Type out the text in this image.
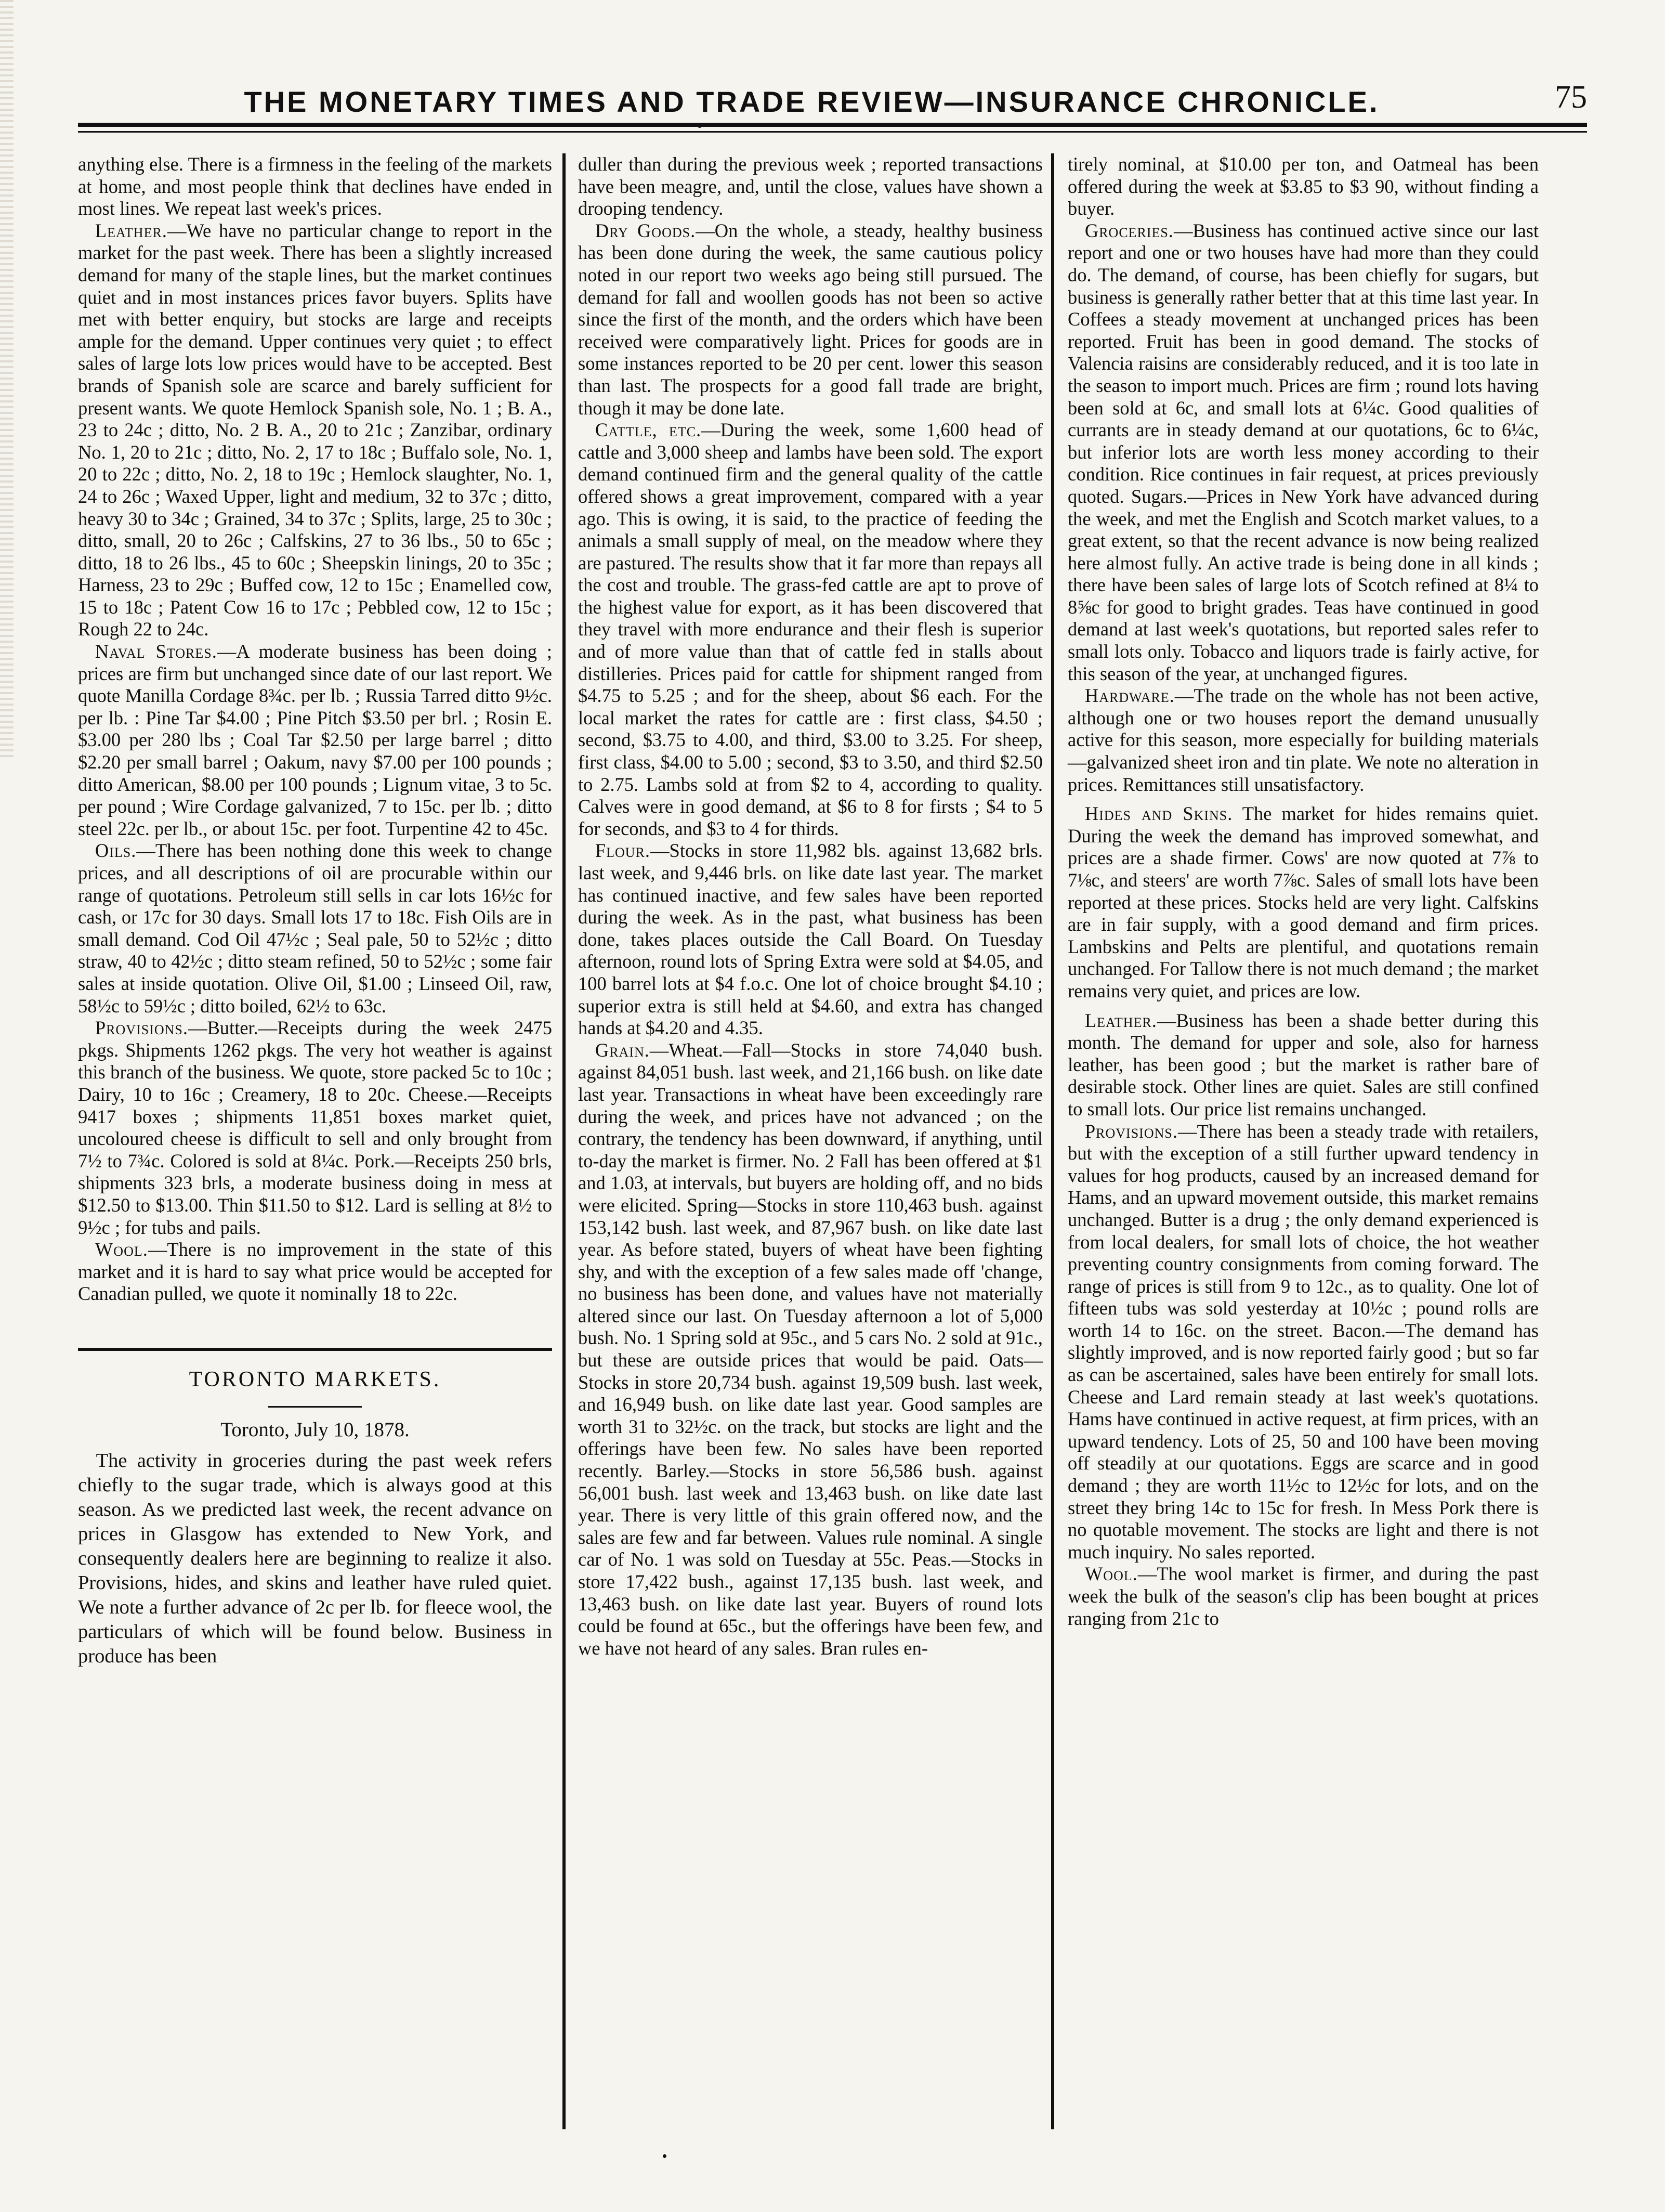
THE MONETARY TIMES AND TRADE REVIEW—INSURANCE CHRONICLE.	75

anything else. There is a firmness in the feeling of the markets at home, and most people think that declines have ended in most lines. We repeat last week's prices.

Leather.—We have no particular change to report in the market for the past week. There has been a slightly increased demand for many of the staple lines, but the market continues quiet and in most instances prices favor buyers. Splits have met with better enquiry, but stocks are large and receipts ample for the demand. Upper continues very quiet ; to effect sales of large lots low prices would have to be accepted. Best brands of Spanish sole are scarce and barely sufficient for present wants. We quote Hemlock Spanish sole, No. 1 ; B. A., 23 to 24c ; ditto, No. 2 B. A., 20 to 21c ; Zanzibar, ordinary No. 1, 20 to 21c ; ditto, No. 2, 17 to 18c ; Buffalo sole, No. 1, 20 to 22c ; ditto, No. 2, 18 to 19c ; Hemlock slaughter, No. 1, 24 to 26c ; Waxed Upper, light and medium, 32 to 37c ; ditto, heavy 30 to 34c ; Grained, 34 to 37c ; Splits, large, 25 to 30c ; ditto, small, 20 to 26c ; Calfskins, 27 to 36 lbs., 50 to 65c ; ditto, 18 to 26 lbs., 45 to 60c ; Sheepskin linings, 20 to 35c ; Harness, 23 to 29c ; Buffed cow, 12 to 15c ; Enamelled cow, 15 to 18c ; Patent Cow 16 to 17c ; Pebbled cow, 12 to 15c ; Rough 22 to 24c.

Naval Stores.—A moderate business has been doing ; prices are firm but unchanged since date of our last report. We quote Manilla Cordage 8¾c. per lb. ; Russia Tarred ditto 9½c. per lb. : Pine Tar $4.00 ; Pine Pitch $3.50 per brl. ; Rosin E. $3.00 per 280 lbs ; Coal Tar $2.50 per large barrel ; ditto $2.20 per small barrel ; Oakum, navy $7.00 per 100 pounds ; ditto American, $8.00 per 100 pounds ; Lignum vitae, 3 to 5c. per pound ; Wire Cordage galvanized, 7 to 15c. per lb. ; ditto steel 22c. per lb., or about 15c. per foot. Turpentine 42 to 45c.

Oils.—There has been nothing done this week to change prices, and all descriptions of oil are procurable within our range of quotations. Petroleum still sells in car lots 16½c for cash, or 17c for 30 days. Small lots 17 to 18c. Fish Oils are in small demand. Cod Oil 47½c ; Seal pale, 50 to 52½c ; ditto straw, 40 to 42½c ; ditto steam refined, 50 to 52½c ; some fair sales at inside quotation. Olive Oil, $1.00 ; Linseed Oil, raw, 58½c to 59½c ; ditto boiled, 62½ to 63c.

Provisions.—Butter.—Receipts during the week 2475 pkgs. Shipments 1262 pkgs. The very hot weather is against this branch of the business. We quote, store packed 5c to 10c ; Dairy, 10 to 16c ; Creamery, 18 to 20c. Cheese.—Receipts 9417 boxes ; shipments 11,851 boxes market quiet, uncoloured cheese is difficult to sell and only brought from 7½ to 7¾c. Colored is sold at 8¼c. Pork.—Receipts 250 brls, shipments 323 brls, a moderate business doing in mess at $12.50 to $13.00. Thin $11.50 to $12. Lard is selling at 8½ to 9½c ; for tubs and pails.

Wool.—There is no improvement in the state of this market and it is hard to say what price would be accepted for Canadian pulled, we quote it nominally 18 to 22c.

TORONTO MARKETS.
Toronto, July 10, 1878.

The activity in groceries during the past week refers chiefly to the sugar trade, which is always good at this season. As we predicted last week, the recent advance on prices in Glasgow has extended to New York, and consequently dealers here are beginning to realize it also. Provisions, hides, and skins and leather have ruled quiet. We note a further advance of 2c per lb. for fleece wool, the particulars of which will be found below. Business in produce has been

duller than during the previous week ; reported transactions have been meagre, and, until the close, values have shown a drooping tendency.

Dry Goods.—On the whole, a steady, healthy business has been done during the week, the same cautious policy noted in our report two weeks ago being still pursued. The demand for fall and woollen goods has not been so active since the first of the month, and the orders which have been received were comparatively light. Prices for goods are in some instances reported to be 20 per cent. lower this season than last. The prospects for a good fall trade are bright, though it may be done late.

Cattle, etc.—During the week, some 1,600 head of cattle and 3,000 sheep and lambs have been sold. The export demand continued firm and the general quality of the cattle offered shows a great improvement, compared with a year ago. This is owing, it is said, to the practice of feeding the animals a small supply of meal, on the meadow where they are pastured. The results show that it far more than repays all the cost and trouble. The grass-fed cattle are apt to prove of the highest value for export, as it has been discovered that they travel with more endurance and their flesh is superior and of more value than that of cattle fed in stalls about distilleries. Prices paid for cattle for shipment ranged from $4.75 to 5.25 ; and for the sheep, about $6 each. For the local market the rates for cattle are : first class, $4.50 ; second, $3.75 to 4.00, and third, $3.00 to 3.25. For sheep, first class, $4.00 to 5.00 ; second, $3 to 3.50, and third $2.50 to 2.75. Lambs sold at from $2 to 4, according to quality. Calves were in good demand, at $6 to 8 for firsts ; $4 to 5 for seconds, and $3 to 4 for thirds.

Flour.—Stocks in store 11,982 bls. against 13,682 brls. last week, and 9,446 brls. on like date last year. The market has continued inactive, and few sales have been reported during the week. As in the past, what business has been done, takes places outside the Call Board. On Tuesday afternoon, round lots of Spring Extra were sold at $4.05, and 100 barrel lots at $4 f.o.c. One lot of choice brought $4.10 ; superior extra is still held at $4.60, and extra has changed hands at $4.20 and 4.35.

Grain.—Wheat.—Fall—Stocks in store 74,040 bush. against 84,051 bush. last week, and 21,166 bush. on like date last year. Transactions in wheat have been exceedingly rare during the week, and prices have not advanced ; on the contrary, the tendency has been downward, if anything, until to-day the market is firmer. No. 2 Fall has been offered at $1 and 1.03, at intervals, but buyers are holding off, and no bids were elicited. Spring—Stocks in store 110,463 bush. against 153,142 bush. last week, and 87,967 bush. on like date last year. As before stated, buyers of wheat have been fighting shy, and with the exception of a few sales made off 'change, no business has been done, and values have not materially altered since our last. On Tuesday afternoon a lot of 5,000 bush. No. 1 Spring sold at 95c., and 5 cars No. 2 sold at 91c., but these are outside prices that would be paid. Oats—Stocks in store 20,734 bush. against 19,509 bush. last week, and 16,949 bush. on like date last year. Good samples are worth 31 to 32½c. on the track, but stocks are light and the offerings have been few. No sales have been reported recently. Barley.—Stocks in store 56,586 bush. against 56,001 bush. last week and 13,463 bush. on like date last year. There is very little of this grain offered now, and the sales are few and far between. Values rule nominal. A single car of No. 1 was sold on Tuesday at 55c. Peas.—Stocks in store 17,422 bush., against 17,135 bush. last week, and 13,463 bush. on like date last year. Buyers of round lots could be found at 65c., but the offerings have been few, and we have not heard of any sales. Bran rules en-

tirely nominal, at $10.00 per ton, and Oatmeal has been offered during the week at $3.85 to $3 90, without finding a buyer.

Groceries.—Business has continued active since our last report and one or two houses have had more than they could do. The demand, of course, has been chiefly for sugars, but business is generally rather better that at this time last year. In Coffees a steady movement at unchanged prices has been reported. Fruit has been in good demand. The stocks of Valencia raisins are considerably reduced, and it is too late in the season to import much. Prices are firm ; round lots having been sold at 6c, and small lots at 6¼c. Good qualities of currants are in steady demand at our quotations, 6c to 6¼c, but inferior lots are worth less money according to their condition. Rice continues in fair request, at prices previously quoted. Sugars.—Prices in New York have advanced during the week, and met the English and Scotch market values, to a great extent, so that the recent advance is now being realized here almost fully. An active trade is being done in all kinds ; there have been sales of large lots of Scotch refined at 8¼ to 8⅝c for good to bright grades. Teas have continued in good demand at last week's quotations, but reported sales refer to small lots only. Tobacco and liquors trade is fairly active, for this season of the year, at unchanged figures.

Hardware.—The trade on the whole has not been active, although one or two houses report the demand unusually active for this season, more especially for building materials—galvanized sheet iron and tin plate. We note no alteration in prices. Remittances still unsatisfactory.

Hides and Skins. The market for hides remains quiet. During the week the demand has improved somewhat, and prices are a shade firmer. Cows' are now quoted at 7⅞ to 7⅛c, and steers' are worth 7⅞c. Sales of small lots have been reported at these prices. Stocks held are very light. Calfskins are in fair supply, with a good demand and firm prices. Lambskins and Pelts are plentiful, and quotations remain unchanged. For Tallow there is not much demand ; the market remains very quiet, and prices are low.

Leather.—Business has been a shade better during this month. The demand for upper and sole, also for harness leather, has been good ; but the market is rather bare of desirable stock. Other lines are quiet. Sales are still confined to small lots. Our price list remains unchanged.

Provisions.—There has been a steady trade with retailers, but with the exception of a still further upward tendency in values for hog products, caused by an increased demand for Hams, and an upward movement outside, this market remains unchanged. Butter is a drug ; the only demand experienced is from local dealers, for small lots of choice, the hot weather preventing country consignments from coming forward. The range of prices is still from 9 to 12c., as to quality. One lot of fifteen tubs was sold yesterday at 10½c ; pound rolls are worth 14 to 16c. on the street. Bacon.—The demand has slightly improved, and is now reported fairly good ; but so far as can be ascertained, sales have been entirely for small lots. Cheese and Lard remain steady at last week's quotations. Hams have continued in active request, at firm prices, with an upward tendency. Lots of 25, 50 and 100 have been moving off steadily at our quotations. Eggs are scarce and in good demand ; they are worth 11½c to 12½c for lots, and on the street they bring 14c to 15c for fresh. In Mess Pork there is no quotable movement. The stocks are light and there is not much inquiry. No sales reported.

Wool.—The wool market is firmer, and during the past week the bulk of the season's clip has been bought at prices ranging from 21c to
